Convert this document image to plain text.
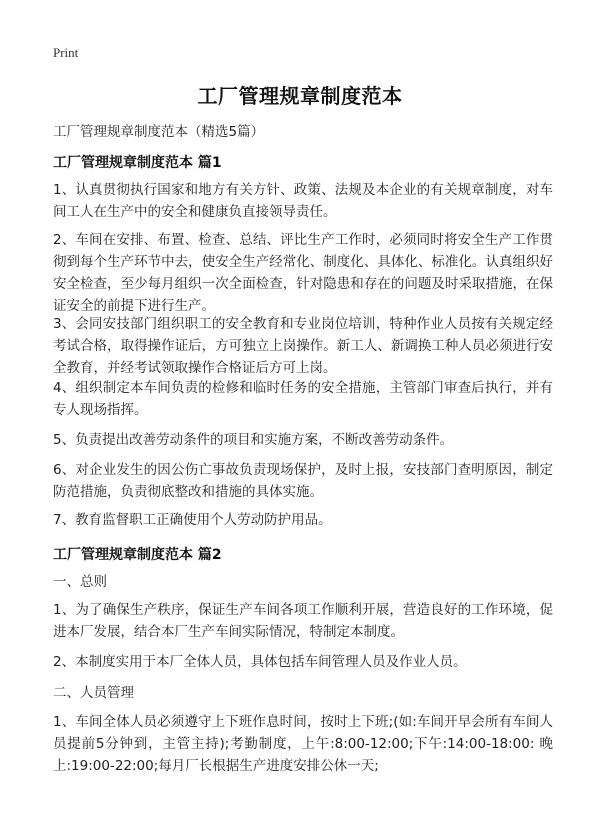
Print
工厂管理规章制度范本
工厂管理规章制度范本（精选5篇）
工厂管理规章制度范本 篇1
1、认真贯彻执行国家和地方有关方针、政策、法规及本企业的有关规章制度，对车间工人在生产中的安全和健康负直接领导责任。
2、车间在安排、布置、检查、总结、评比生产工作时，必须同时将安全生产工作贯彻到每个生产环节中去，使安全生产经常化、制度化、具体化、标准化。认真组织好安全检查，至少每月组织一次全面检查，针对隐患和存在的问题及时采取措施，在保证安全的前提下进行生产。
3、会同安技部门组织职工的安全教育和专业岗位培训，特种作业人员按有关规定经考试合格，取得操作证后，方可独立上岗操作。新工人、新调换工种人员必须进行安全教育，并经考试领取操作合格证后方可上岗。
4、组织制定本车间负责的检修和临时任务的安全措施，主管部门审查后执行，并有专人现场指挥。
5、负责提出改善劳动条件的项目和实施方案，不断改善劳动条件。
6、对企业发生的因公伤亡事故负责现场保护，及时上报，安技部门查明原因，制定防范措施，负责彻底整改和措施的具体实施。
7、教育监督职工正确使用个人劳动防护用品。
工厂管理规章制度范本 篇2
一、总则
1、为了确保生产秩序，保证生产车间各项工作顺利开展，营造良好的工作环境，促进本厂发展，结合本厂生产车间实际情况，特制定本制度。
2、本制度实用于本厂全体人员，具体包括车间管理人员及作业人员。
二、人员管理
1、车间全体人员必须遵守上下班作息时间，按时上下班;(如:车间开早会所有车间人员提前5分钟到，主管主持);考勤制度，上午:8:00-12:00;下午:14:00-18:00: 晚上:19:00-22:00;每月厂长根据生产进度安排公休一天;
